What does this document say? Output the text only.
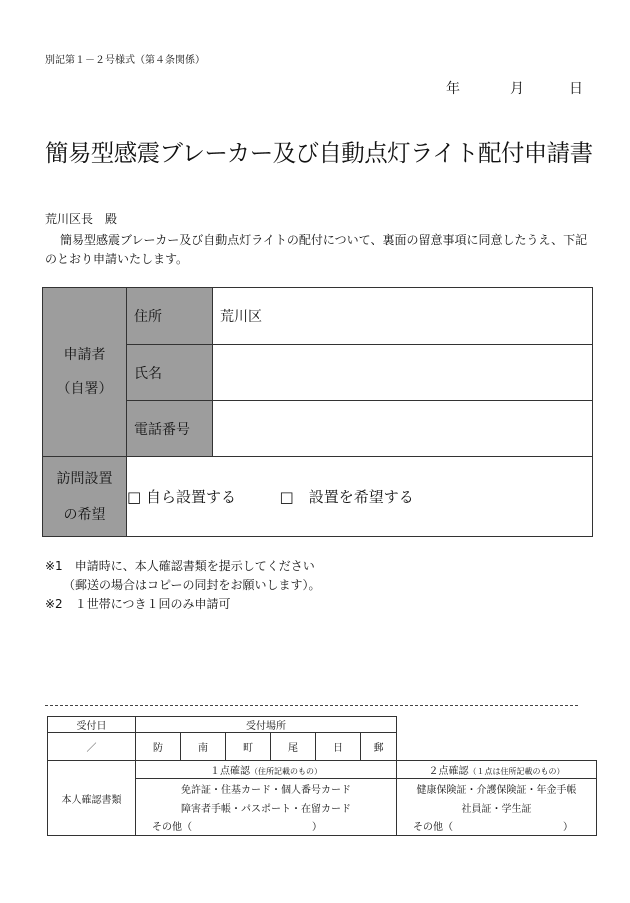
別記第１－２号様式（第４条関係）
年	月	日
簡易型感震ブレーカー及び自動点灯ライト配付申請書
荒川区長　殿
簡易型感震ブレーカー及び自動点灯ライトの配付について、裏面の留意事項に同意したうえ、下記のとおり申請いたします。
申請者
（自署）	住所	荒川区
	氏名	
	電話番号	

訪問設置
の希望	□ 自ら設置する □　設置を希望する	
※1　申請時に、本人確認書類を提示してください
　　（郵送の場合はコピーの同封をお願いします）。
※2　１世帯につき１回のみ申請可
受付日	受付場所						
／	防	南	町	尾	日	郵	
本人確認書類	１点確認（住所記載のもの）						２点確認（１点は住所記載のもの）
	免許証・住基カード・個人番号カード						健康保険証・介護保険証・年金手帳
	障害者手帳・パスポート・在留カード						社員証・学生証
	その他（　　　　　　　　　　　　）						その他（　　　　　　　　　　　）
